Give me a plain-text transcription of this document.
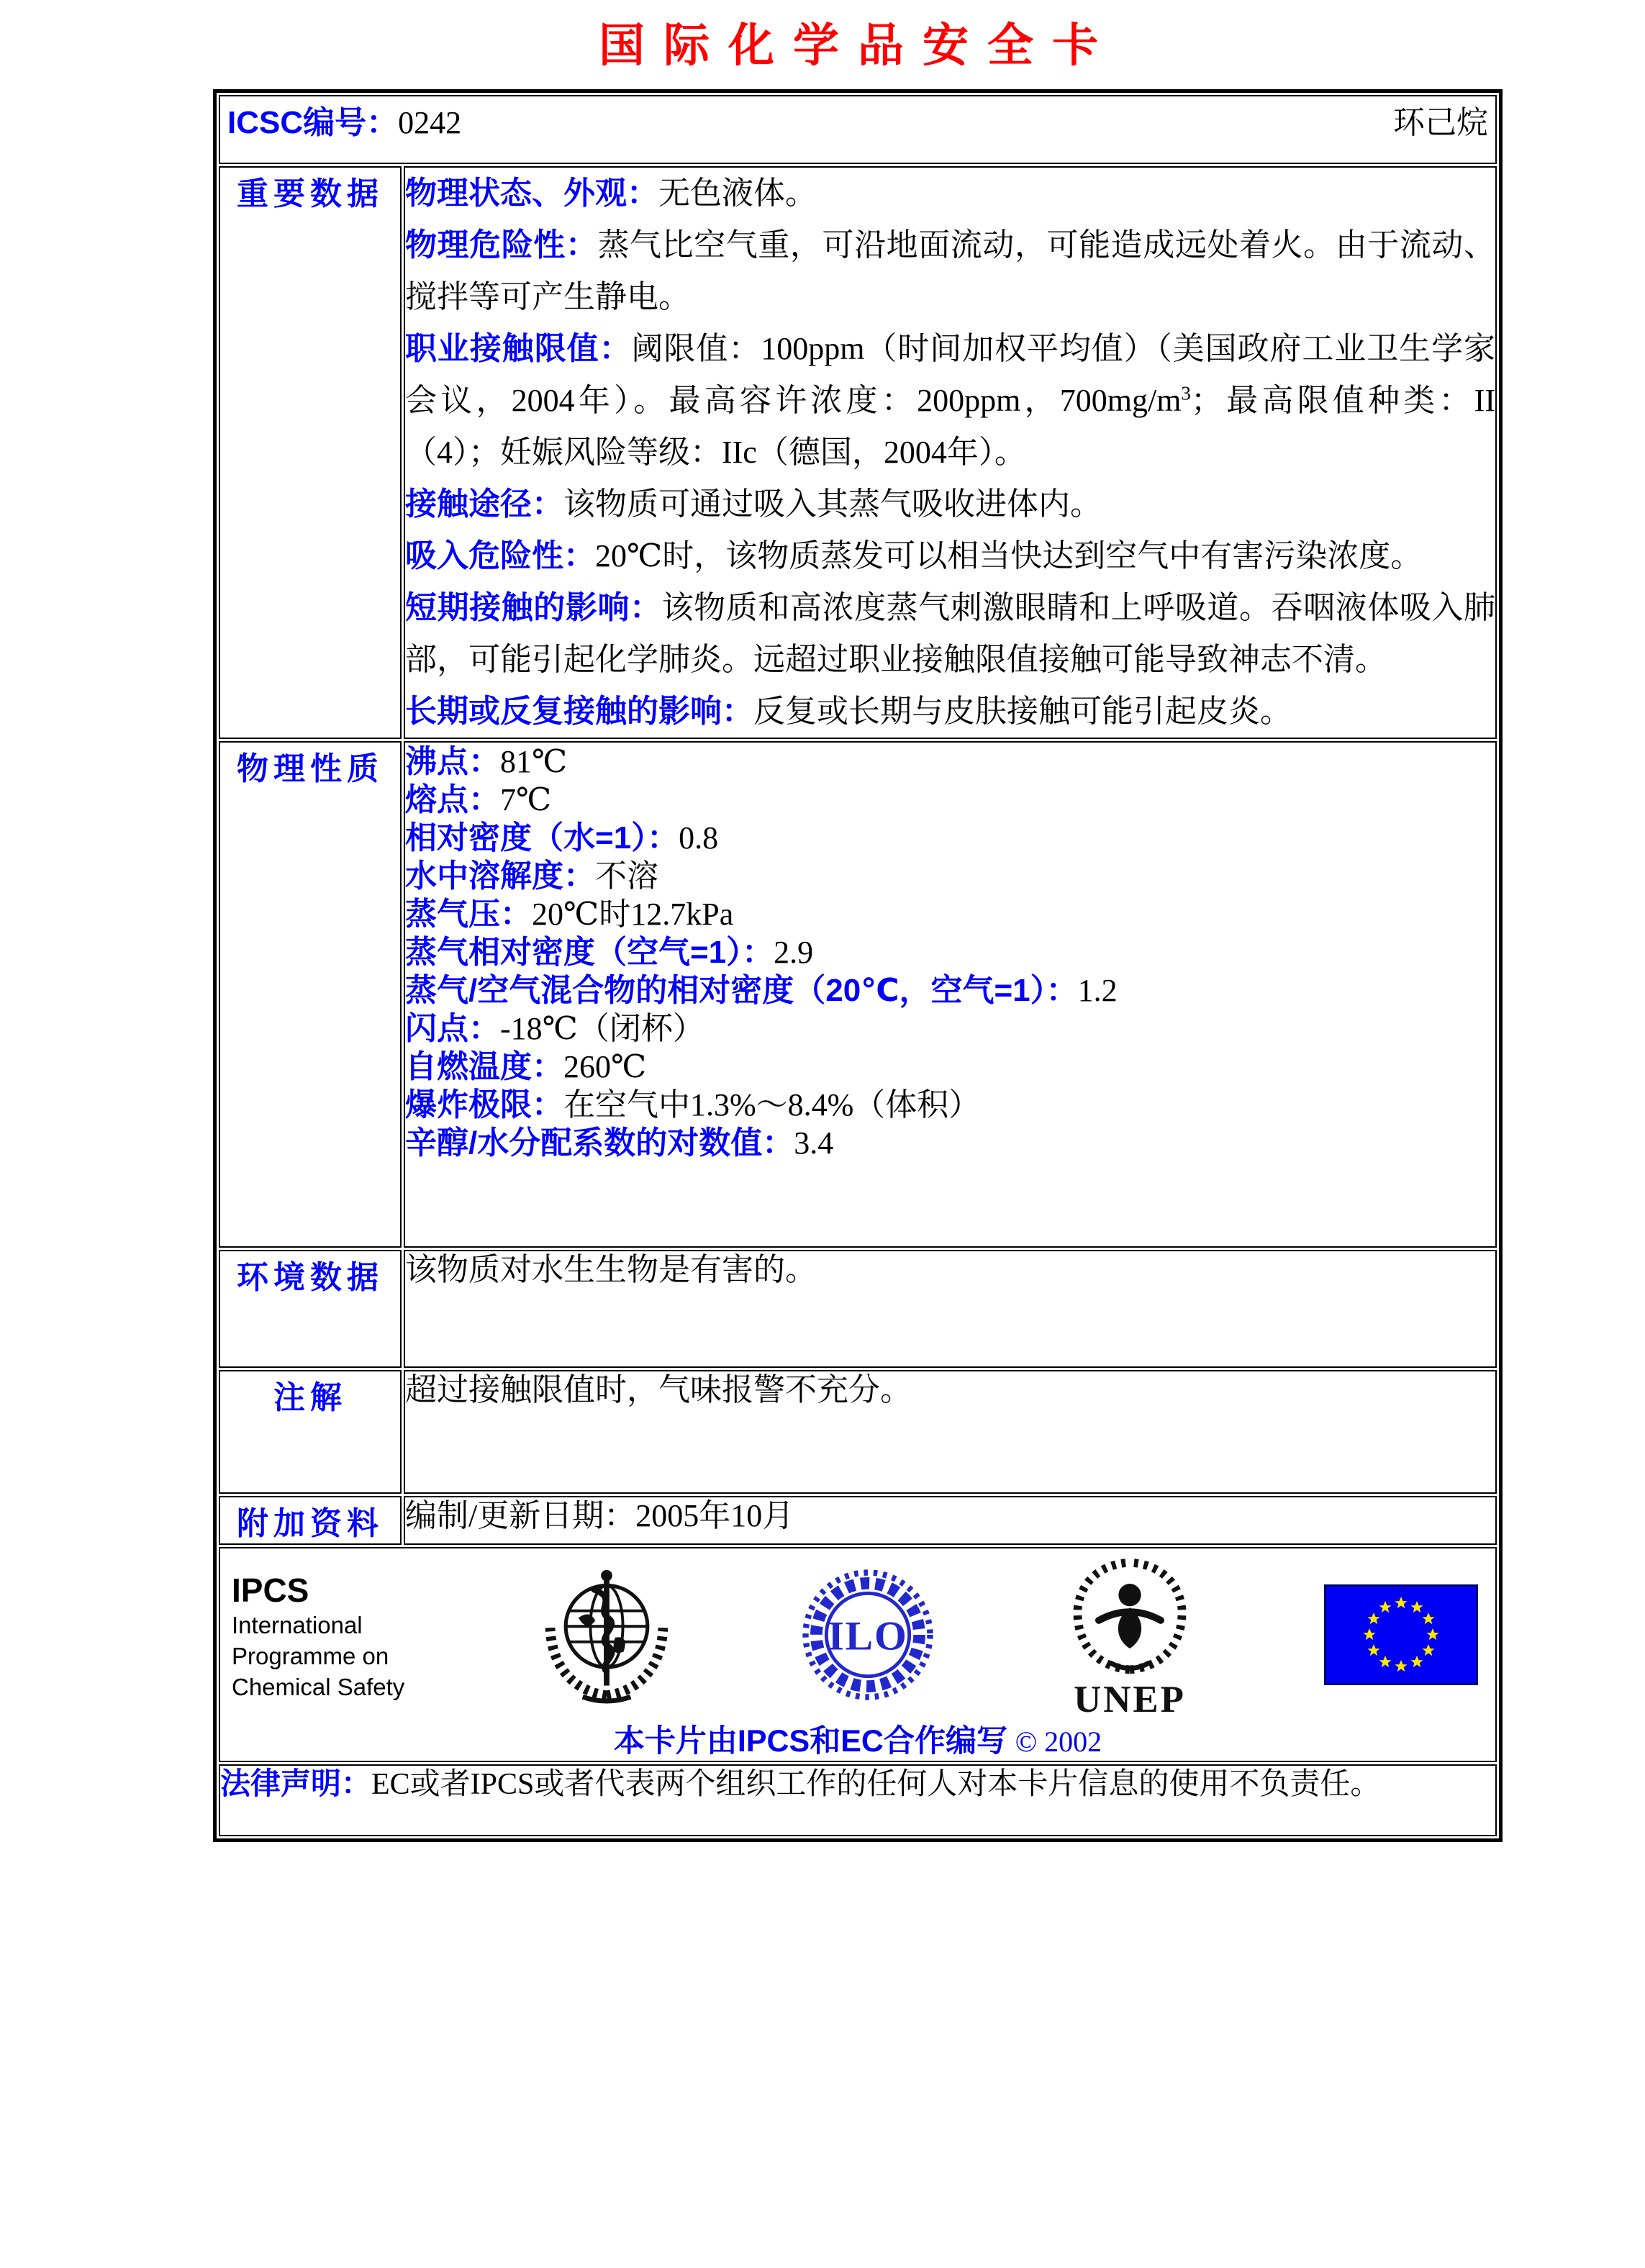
国际化学品安全卡
ICSC编号：0242 环己烷	

重要数据	物理状态、外观：无色液体。

物理危险性：蒸气比空气重，可沿地面流动，可能造成远处着火。由于流动、搅拌等可产生静电。

职业接触限值：阈限值：100ppm（时间加权平均值）（美国政府工业卫生学家会议，2004年）。最高容许浓度：200ppm，$700mg/m^3$；最高限值种类：II（4）；妊娠风险等级：IIc（德国，2004年）。

接触途径：该物质可通过吸入其蒸气吸收进体内。

吸入危险性：20℃时，该物质蒸发可以相当快达到空气中有害污染浓度。

短期接触的影响：该物质和高浓度蒸气刺激眼睛和上呼吸道。吞咽液体吸入肺部，可能引起化学肺炎。远超过职业接触限值接触可能导致神志不清。

长期或反复接触的影响：反复或长期与皮肤接触可能引起皮炎。

物理性质	沸点：81℃

熔点：7℃

相对密度（水=1）：0.8

水中溶解度：不溶

蒸气压：20℃时12.7kPa

蒸气相对密度（空气=1）：2.9

蒸气/空气混合物的相对密度（20℃，空气=1）：1.2

闪点：-18℃（闭杯）

自燃温度：260℃

爆炸极限：在空气中1.3%～8.4%（体积）

辛醇/水分配系数的对数值：3.4

环境数据	该物质对水生生物是有害的。

注解	超过接触限值时，气味报警不充分。

附加资料	编制/更新日期：2005年10月

IPCS
International
Programme on
Chemical Safety
ILO
UNEP
本卡片由IPCS和EC合作编写 © 2002

法律声明：EC或者IPCS或者代表两个组织工作的任何人对本卡片信息的使用不负责任。	
